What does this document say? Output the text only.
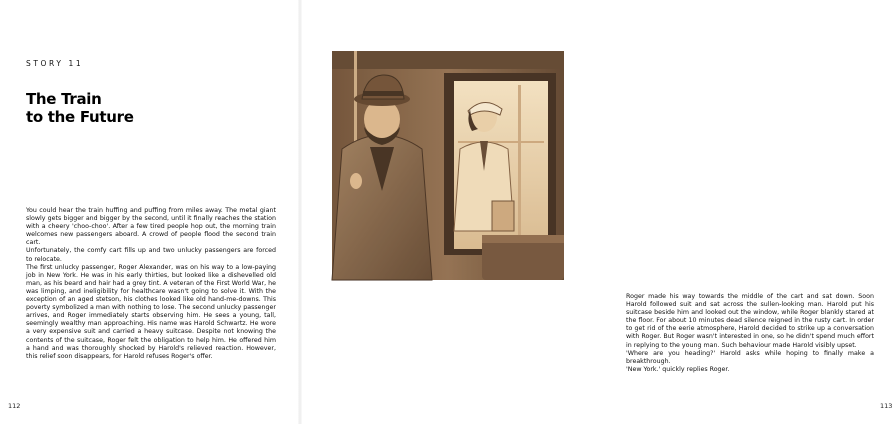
STORY 11
The Train
to the Future

You could hear the train huffing and puffing from miles away. The metal giant slowly gets bigger and bigger by the second, until it finally reaches the station with a cheery 'choo-choo'. After a few tired people hop out, the morning train welcomes new passengers aboard. A crowd of people flood the second train cart.

Unfortunately, the comfy cart fills up and two unlucky passengers are forced to relocate.

The first unlucky passenger, Roger Alexander, was on his way to a low-paying job in New York. He was in his early thirties, but looked like a dishevelled old man, as his beard and hair had a grey tint. A veteran of the First World War, he was limping, and ineligibility for healthcare wasn't going to solve it. With the exception of an aged stetson, his clothes looked like old hand-me-downs. This poverty symbolized a man with nothing to lose. The second unlucky passenger arrives, and Roger immediately starts observing him. He sees a young, tall, seemingly wealthy man approaching. His name was Harold Schwartz. He wore a very expensive suit and carried a heavy suitcase. Despite not knowing the contents of the suitcase, Roger felt the obligation to help him. He offered him a hand and was thoroughly shocked by Harold's relieved reaction. However, this relief soon disappears, for Harold refuses Roger's offer.

112

Roger made his way towards the middle of the cart and sat down. Soon Harold followed suit and sat across the sullen-looking man. Harold put his suitcase beside him and looked out the window, while Roger blankly stared at the floor. For about 10 minutes dead silence reigned in the rusty cart. In order to get rid of the eerie atmosphere, Harold decided to strike up a conversation with Roger. But Roger wasn't interested in one, so he didn't spend much effort in replying to the young man. Such behaviour made Harold visibly upset.

'Where are you heading?' Harold asks while hoping to finally make a breakthrough.

'New York.' quickly replies Roger.

113
